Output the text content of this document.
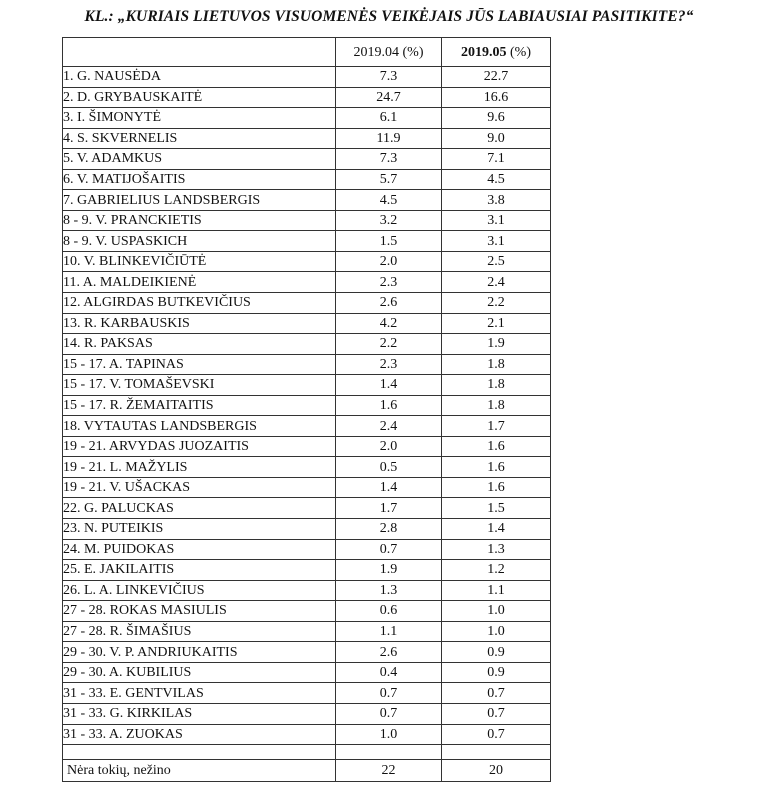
KL.: „KURIAIS LIETUVOS VISUOMENĖS VEIKĖJAIS JŪS LABIAUSIAI PASITIKITE?“
	2019.04 (%)	2019.05 (%)
1. G. NAUSĖDA	7.3	22.7
2. D. GRYBAUSKAITĖ	24.7	16.6
3. I. ŠIMONYTĖ	6.1	9.6
4. S. SKVERNELIS	11.9	9.0
5. V. ADAMKUS	7.3	7.1
6. V. MATIJOŠAITIS	5.7	4.5
7. GABRIELIUS LANDSBERGIS	4.5	3.8
8 - 9. V. PRANCKIETIS	3.2	3.1
8 - 9. V. USPASKICH	1.5	3.1
10. V. BLINKEVIČIŪTĖ	2.0	2.5
11. A. MALDEIKIENĖ	2.3	2.4
12. ALGIRDAS BUTKEVIČIUS	2.6	2.2
13. R. KARBAUSKIS	4.2	2.1
14. R. PAKSAS	2.2	1.9
15 - 17. A. TAPINAS	2.3	1.8
15 - 17. V. TOMAŠEVSKI	1.4	1.8
15 - 17. R. ŽEMAITAITIS	1.6	1.8
18. VYTAUTAS LANDSBERGIS	2.4	1.7
19 - 21. ARVYDAS JUOZAITIS	2.0	1.6
19 - 21. L. MAŽYLIS	0.5	1.6
19 - 21. V. UŠACKAS	1.4	1.6
22. G. PALUCKAS	1.7	1.5
23. N. PUTEIKIS	2.8	1.4
24. M. PUIDOKAS	0.7	1.3
25. E. JAKILAITIS	1.9	1.2
26. L. A. LINKEVIČIUS	1.3	1.1
27 - 28. ROKAS MASIULIS	0.6	1.0
27 - 28. R. ŠIMAŠIUS	1.1	1.0
29 - 30. V. P. ANDRIUKAITIS	2.6	0.9
29 - 30. A. KUBILIUS	0.4	0.9
31 - 33. E. GENTVILAS	0.7	0.7
31 - 33. G. KIRKILAS	0.7	0.7
31 - 33. A. ZUOKAS	1.0	0.7

Nėra tokių, nežino	22	20
